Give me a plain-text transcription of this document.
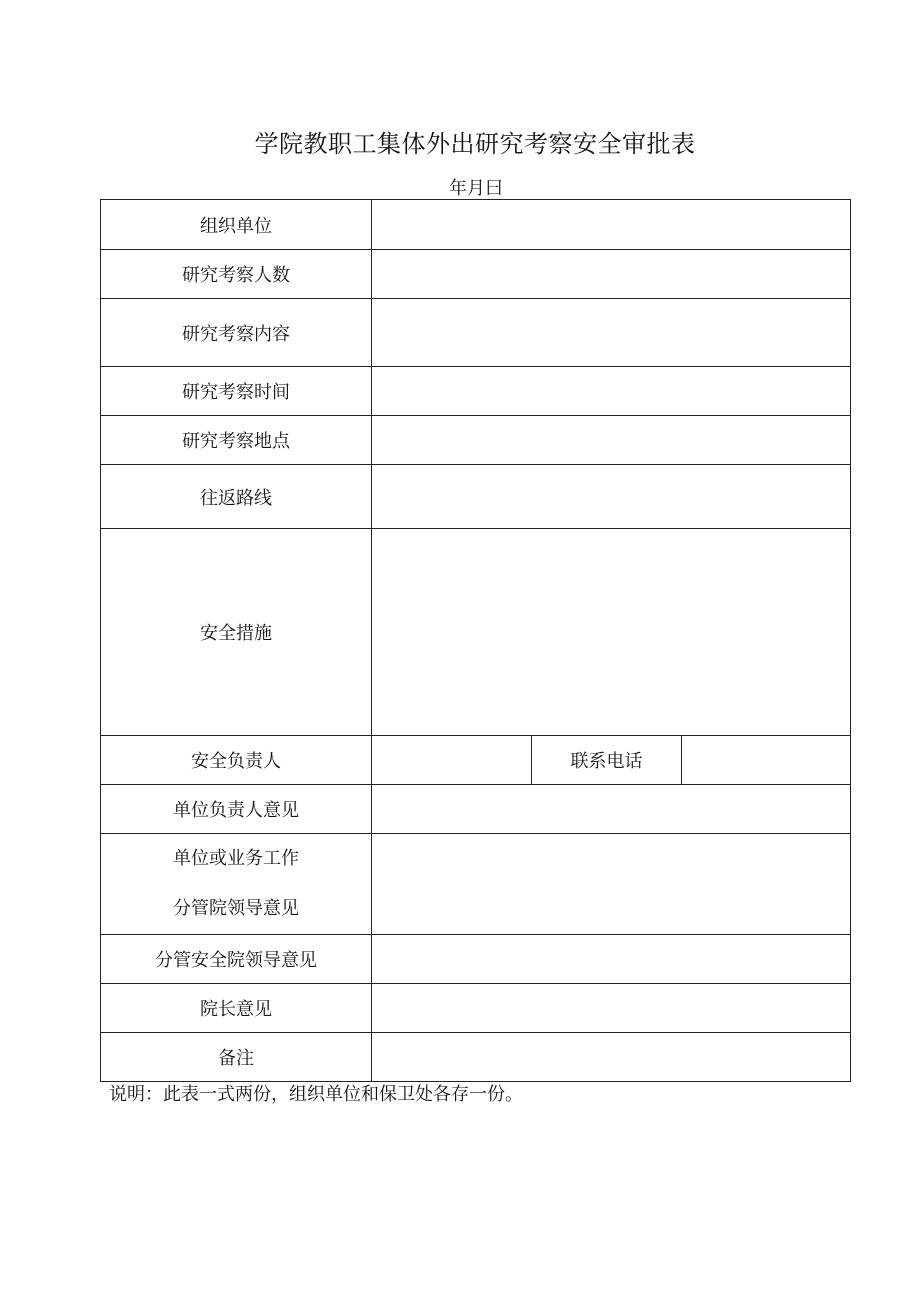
学院教职工集体外出研究考察安全审批表
年月曰
组织单位			
研究考察人数			
研究考察内容			
研究考察时间			
研究考察地点			
往返路线			
安全措施			
安全负责人		联系电话	
单位负责人意见			

单位或业务工作
分管院领导意见			

分管安全院领导意见			
院长意见			
备注			
说明：此表一式两份，组织单位和保卫处各存一份。
